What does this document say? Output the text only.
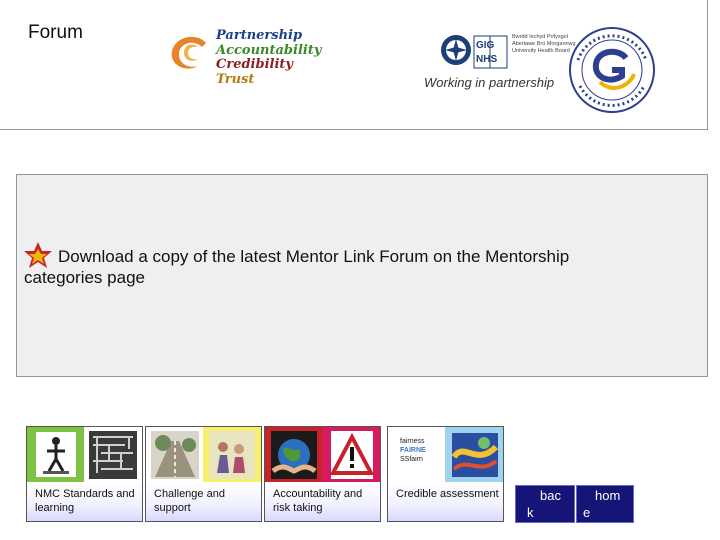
Forum	Partnership
Accountability
Credibility
Trust
GIG
NHS
Bwrdd Iechyd Prifysgol
Abertawe Bro Morgannwg
University Health Board
Working in partnership
Download a copy of the latest Mentor Link Forum on the Mentorship
categories page
NMC Standards and learning
Challenge and support
Accountability and risk taking
fairness
FAIRNE
SSfairn
Credible assessment	bac
k
hom
e
